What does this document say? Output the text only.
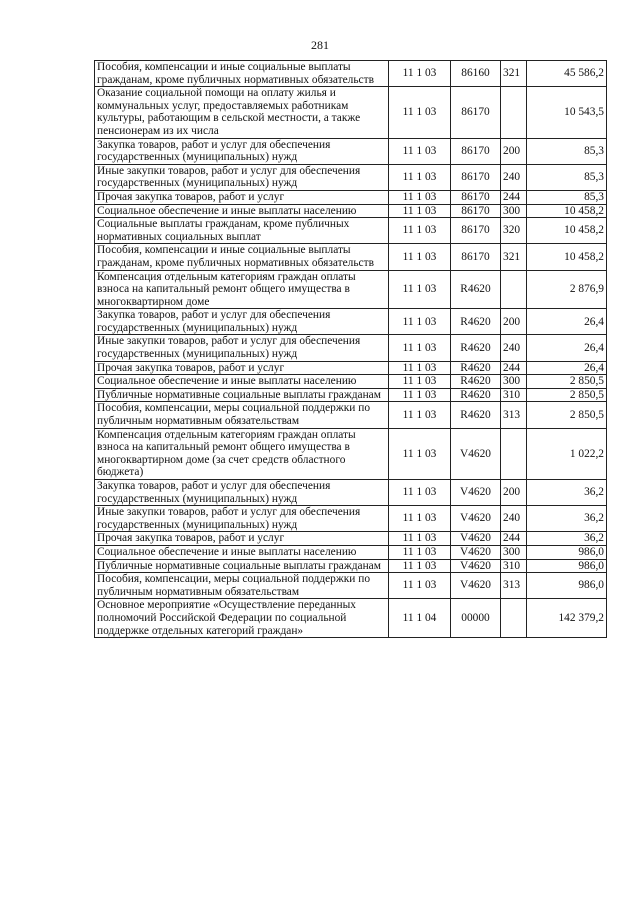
281
Пособия, компенсации и иные социальные выплаты гражданам, кроме публичных нормативных обязательств	11 1 03	86160	321	45 586,2
Оказание социальной помощи на оплату жилья и коммунальных услуг, предоставляемых работникам культуры, работающим в сельской местности, а также пенсионерам из их числа	11 1 03	86170		10 543,5
Закупка товаров, работ и услуг для обеспечения государственных (муниципальных) нужд	11 1 03	86170	200	85,3
Иные закупки товаров, работ и услуг для обеспечения государственных (муниципальных) нужд	11 1 03	86170	240	85,3
Прочая закупка товаров, работ и услуг	11 1 03	86170	244	85,3
Социальное обеспечение и иные выплаты населению	11 1 03	86170	300	10 458,2
Социальные выплаты гражданам, кроме публичных нормативных социальных выплат	11 1 03	86170	320	10 458,2
Пособия, компенсации и иные социальные выплаты гражданам, кроме публичных нормативных обязательств	11 1 03	86170	321	10 458,2
Компенсация отдельным категориям граждан оплаты взноса на капитальный ремонт общего имущества в многоквартирном доме	11 1 03	R4620		2 876,9
Закупка товаров, работ и услуг для обеспечения государственных (муниципальных) нужд	11 1 03	R4620	200	26,4
Иные закупки товаров, работ и услуг для обеспечения государственных (муниципальных) нужд	11 1 03	R4620	240	26,4
Прочая закупка товаров, работ и услуг	11 1 03	R4620	244	26,4
Социальное обеспечение и иные выплаты населению	11 1 03	R4620	300	2 850,5
Публичные нормативные социальные выплаты гражданам	11 1 03	R4620	310	2 850,5
Пособия, компенсации, меры социальной поддержки по публичным нормативным обязательствам	11 1 03	R4620	313	2 850,5
Компенсация отдельным категориям граждан оплаты взноса на капитальный ремонт общего имущества в многоквартирном доме (за счет средств областного бюджета)	11 1 03	V4620		1 022,2
Закупка товаров, работ и услуг для обеспечения государственных (муниципальных) нужд	11 1 03	V4620	200	36,2
Иные закупки товаров, работ и услуг для обеспечения государственных (муниципальных) нужд	11 1 03	V4620	240	36,2
Прочая закупка товаров, работ и услуг	11 1 03	V4620	244	36,2
Социальное обеспечение и иные выплаты населению	11 1 03	V4620	300	986,0
Публичные нормативные социальные выплаты гражданам	11 1 03	V4620	310	986,0
Пособия, компенсации, меры социальной поддержки по публичным нормативным обязательствам	11 1 03	V4620	313	986,0
Основное мероприятие «Осуществление переданных полномочий Российской Федерации по социальной поддержке отдельных категорий граждан»	11 1 04	00000		142 379,2
